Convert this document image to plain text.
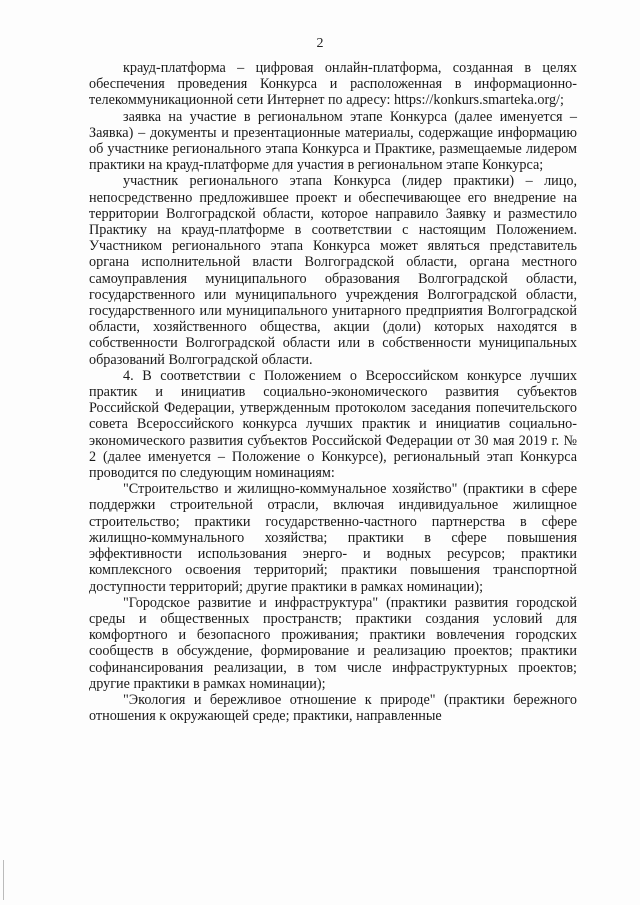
2

крауд-платформа – цифровая онлайн-платформа, созданная в целях обеспечения проведения Конкурса и расположенная в информационно-телекоммуникационной сети Интернет по адресу: https://konkurs.smarteka.org/;

заявка на участие в региональном этапе Конкурса (далее именуется – Заявка) – документы и презентационные материалы, содержащие информацию об участнике регионального этапа Конкурса и Практике, размещаемые лидером практики на крауд-платформе для участия в региональном этапе Конкурса;

участник регионального этапа Конкурса (лидер практики) – лицо, непосредственно предложившее проект и обеспечивающее его внедрение на территории Волгоградской области, которое направило Заявку и разместило Практику на крауд-платформе в соответствии с настоящим Положением. Участником регионального этапа Конкурса может являться представитель органа исполнительной власти Волгоградской области, органа местного самоуправления муниципального образования Волгоградской области, государственного или муниципального учреждения Волгоградской области, государственного или муниципального унитарного предприятия Волгоградской области, хозяйственного общества, акции (доли) которых находятся в собственности Волгоградской области или в собственности муниципальных образований Волгоградской области.

4. В соответствии с Положением о Всероссийском конкурсе лучших практик и инициатив социально-экономического развития субъектов Российской Федерации, утвержденным протоколом заседания попечительского совета Всероссийского конкурса лучших практик и инициатив социально-экономического развития субъектов Российской Федерации от 30 мая 2019 г. № 2 (далее именуется – Положение о Конкурсе), региональный этап Конкурса проводится по следующим номинациям:

"Строительство и жилищно-коммунальное хозяйство" (практики в сфере поддержки строительной отрасли, включая индивидуальное жилищное строительство; практики государственно-частного партнерства в сфере жилищно-коммунального хозяйства; практики в сфере повышения эффективности использования энерго- и водных ресурсов; практики комплексного освоения территорий; практики повышения транспортной доступности территорий; другие практики в рамках номинации);

"Городское развитие и инфраструктура" (практики развития городской среды и общественных пространств; практики создания условий для комфортного и безопасного проживания; практики вовлечения городских сообществ в обсуждение, формирование и реализацию проектов; практики софинансирования реализации, в том числе инфраструктурных проектов; другие практики в рамках номинации);

"Экология и бережливое отношение к природе" (практики бережного отношения к окружающей среде; практики, направленные
